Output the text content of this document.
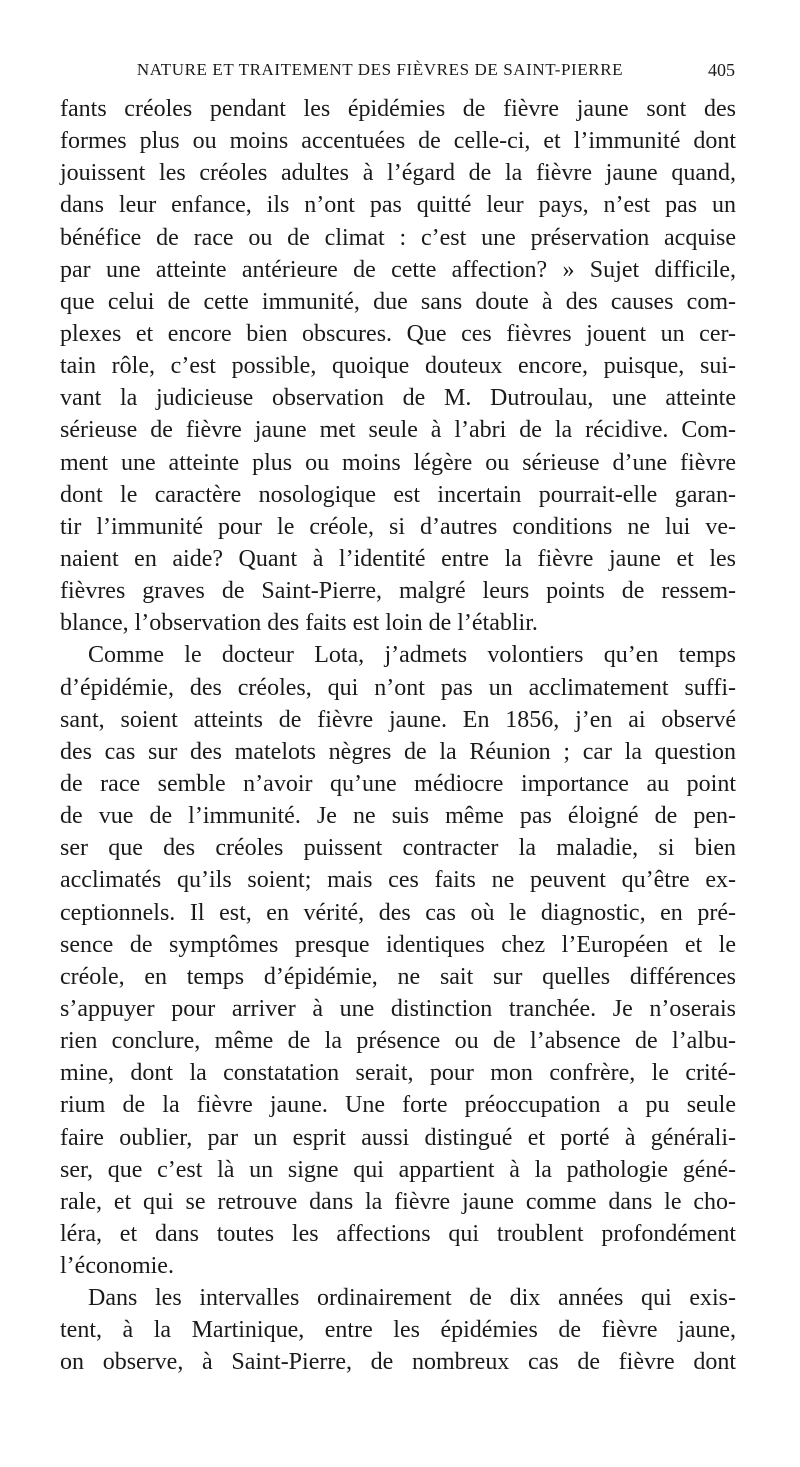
NATURE ET TRAITEMENT DES FIÈVRES DE SAINT-PIERRE	405
fants créoles pendant les épidémies de fièvre jaune sont des
formes plus ou moins accentuées de celle-ci, et l’immunité dont
jouissent les créoles adultes à l’égard de la fièvre jaune quand,
dans leur enfance, ils n’ont pas quitté leur pays, n’est pas un
bénéfice de race ou de climat : c’est une préservation acquise
par une atteinte antérieure de cette affection? » Sujet difficile,
que celui de cette immunité, due sans doute à des causes com-
plexes et encore bien obscures. Que ces fièvres jouent un cer-
tain rôle, c’est possible, quoique douteux encore, puisque, sui-
vant la judicieuse observation de M. Dutroulau, une atteinte
sérieuse de fièvre jaune met seule à l’abri de la récidive. Com-
ment une atteinte plus ou moins légère ou sérieuse d’une fièvre
dont le caractère nosologique est incertain pourrait-elle garan-
tir l’immunité pour le créole, si d’autres conditions ne lui ve-
naient en aide? Quant à l’identité entre la fièvre jaune et les
fièvres graves de Saint-Pierre, malgré leurs points de ressem-
blance, l’observation des faits est loin de l’établir.
Comme le docteur Lota, j’admets volontiers qu’en temps
d’épidémie, des créoles, qui n’ont pas un acclimatement suffi-
sant, soient atteints de fièvre jaune. En 1856, j’en ai observé
des cas sur des matelots nègres de la Réunion ; car la question
de race semble n’avoir qu’une médiocre importance au point
de vue de l’immunité. Je ne suis même pas éloigné de pen-
ser que des créoles puissent contracter la maladie, si bien
acclimatés qu’ils soient; mais ces faits ne peuvent qu’être ex-
ceptionnels. Il est, en vérité, des cas où le diagnostic, en pré-
sence de symptômes presque identiques chez l’Européen et le
créole, en temps d’épidémie, ne sait sur quelles différences
s’appuyer pour arriver à une distinction tranchée. Je n’oserais
rien conclure, même de la présence ou de l’absence de l’albu-
mine, dont la constatation serait, pour mon confrère, le crité-
rium de la fièvre jaune. Une forte préoccupation a pu seule
faire oublier, par un esprit aussi distingué et porté à générali-
ser, que c’est là un signe qui appartient à la pathologie géné-
rale, et qui se retrouve dans la fièvre jaune comme dans le cho-
léra, et dans toutes les affections qui troublent profondément
l’économie.
Dans les intervalles ordinairement de dix années qui exis-
tent, à la Martinique, entre les épidémies de fièvre jaune,
on observe, à Saint-Pierre, de nombreux cas de fièvre dont
